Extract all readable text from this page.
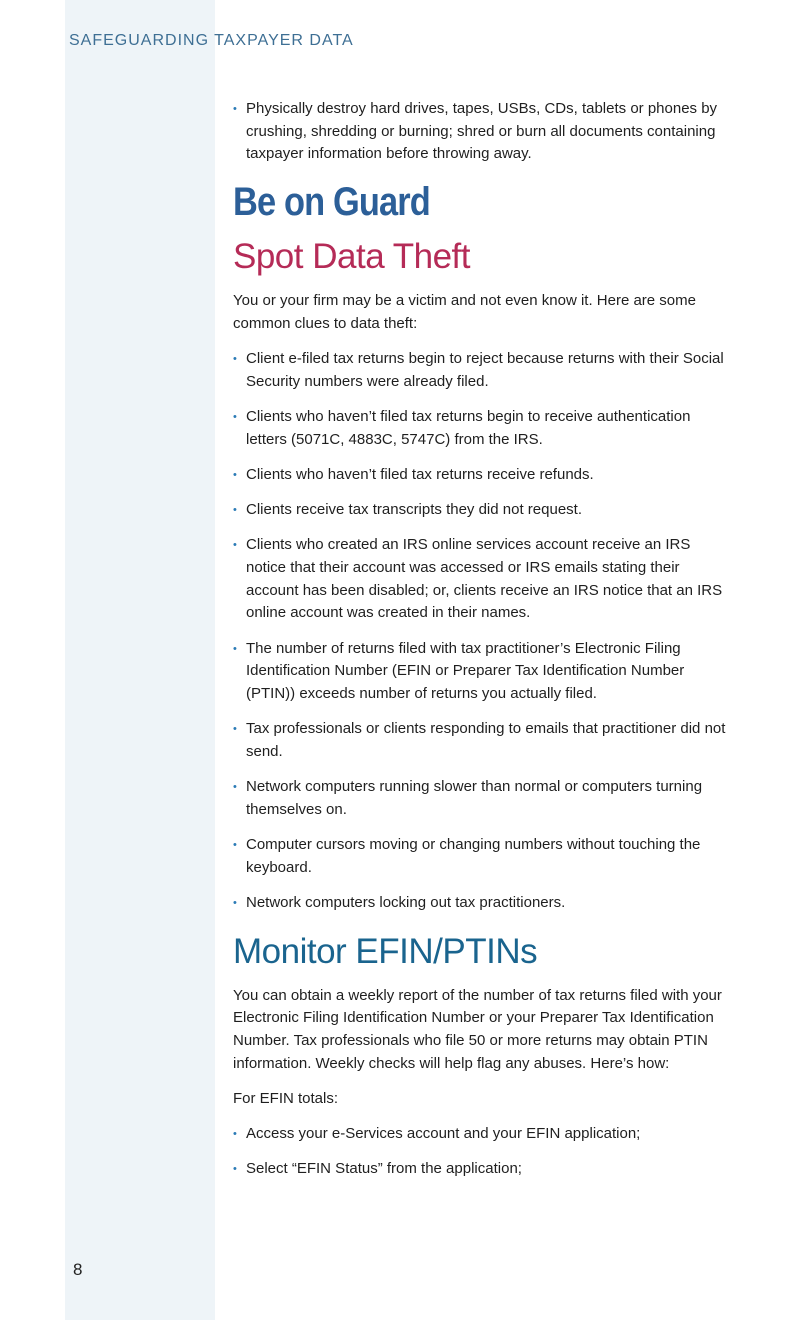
SAFEGUARDING TAXPAYER DATA
8
• Physically destroy hard drives, tapes, USBs, CDs, tablets or phones by crushing, shredding or burning; shred or burn all documents containing taxpayer information before throwing away.
Be on Guard
Spot Data Theft

You or your firm may be a victim and not even know it. Here are some common clues to data theft:

• Client e-filed tax returns begin to reject because returns with their Social Security numbers were already filed.
• Clients who haven’t filed tax returns begin to receive authentication letters (5071C, 4883C, 5747C) from the IRS.
• Clients who haven’t filed tax returns receive refunds.
• Clients receive tax transcripts they did not request.
• Clients who created an IRS online services account receive an IRS notice that their account was accessed or IRS emails stating their account has been disabled; or, clients receive an IRS notice that an IRS online account was created in their names.
• The number of returns filed with tax practitioner’s Electronic Filing Identification Number (EFIN or Preparer Tax Identification Number (PTIN)) exceeds number of returns you actually filed.
• Tax professionals or clients responding to emails that practitioner did not send.
• Network computers running slower than normal or computers turning themselves on.
• Computer cursors moving or changing numbers without touching the keyboard.
• Network computers locking out tax practitioners.
Monitor EFIN/PTINs

You can obtain a weekly report of the number of tax returns filed with your Electronic Filing Identification Number or your Preparer Tax Identification Number. Tax professionals who file 50 or more returns may obtain PTIN information. Weekly checks will help flag any abuses. Here’s how:

For EFIN totals:

• Access your e-Services account and your EFIN application;
• Select “EFIN Status” from the application;
